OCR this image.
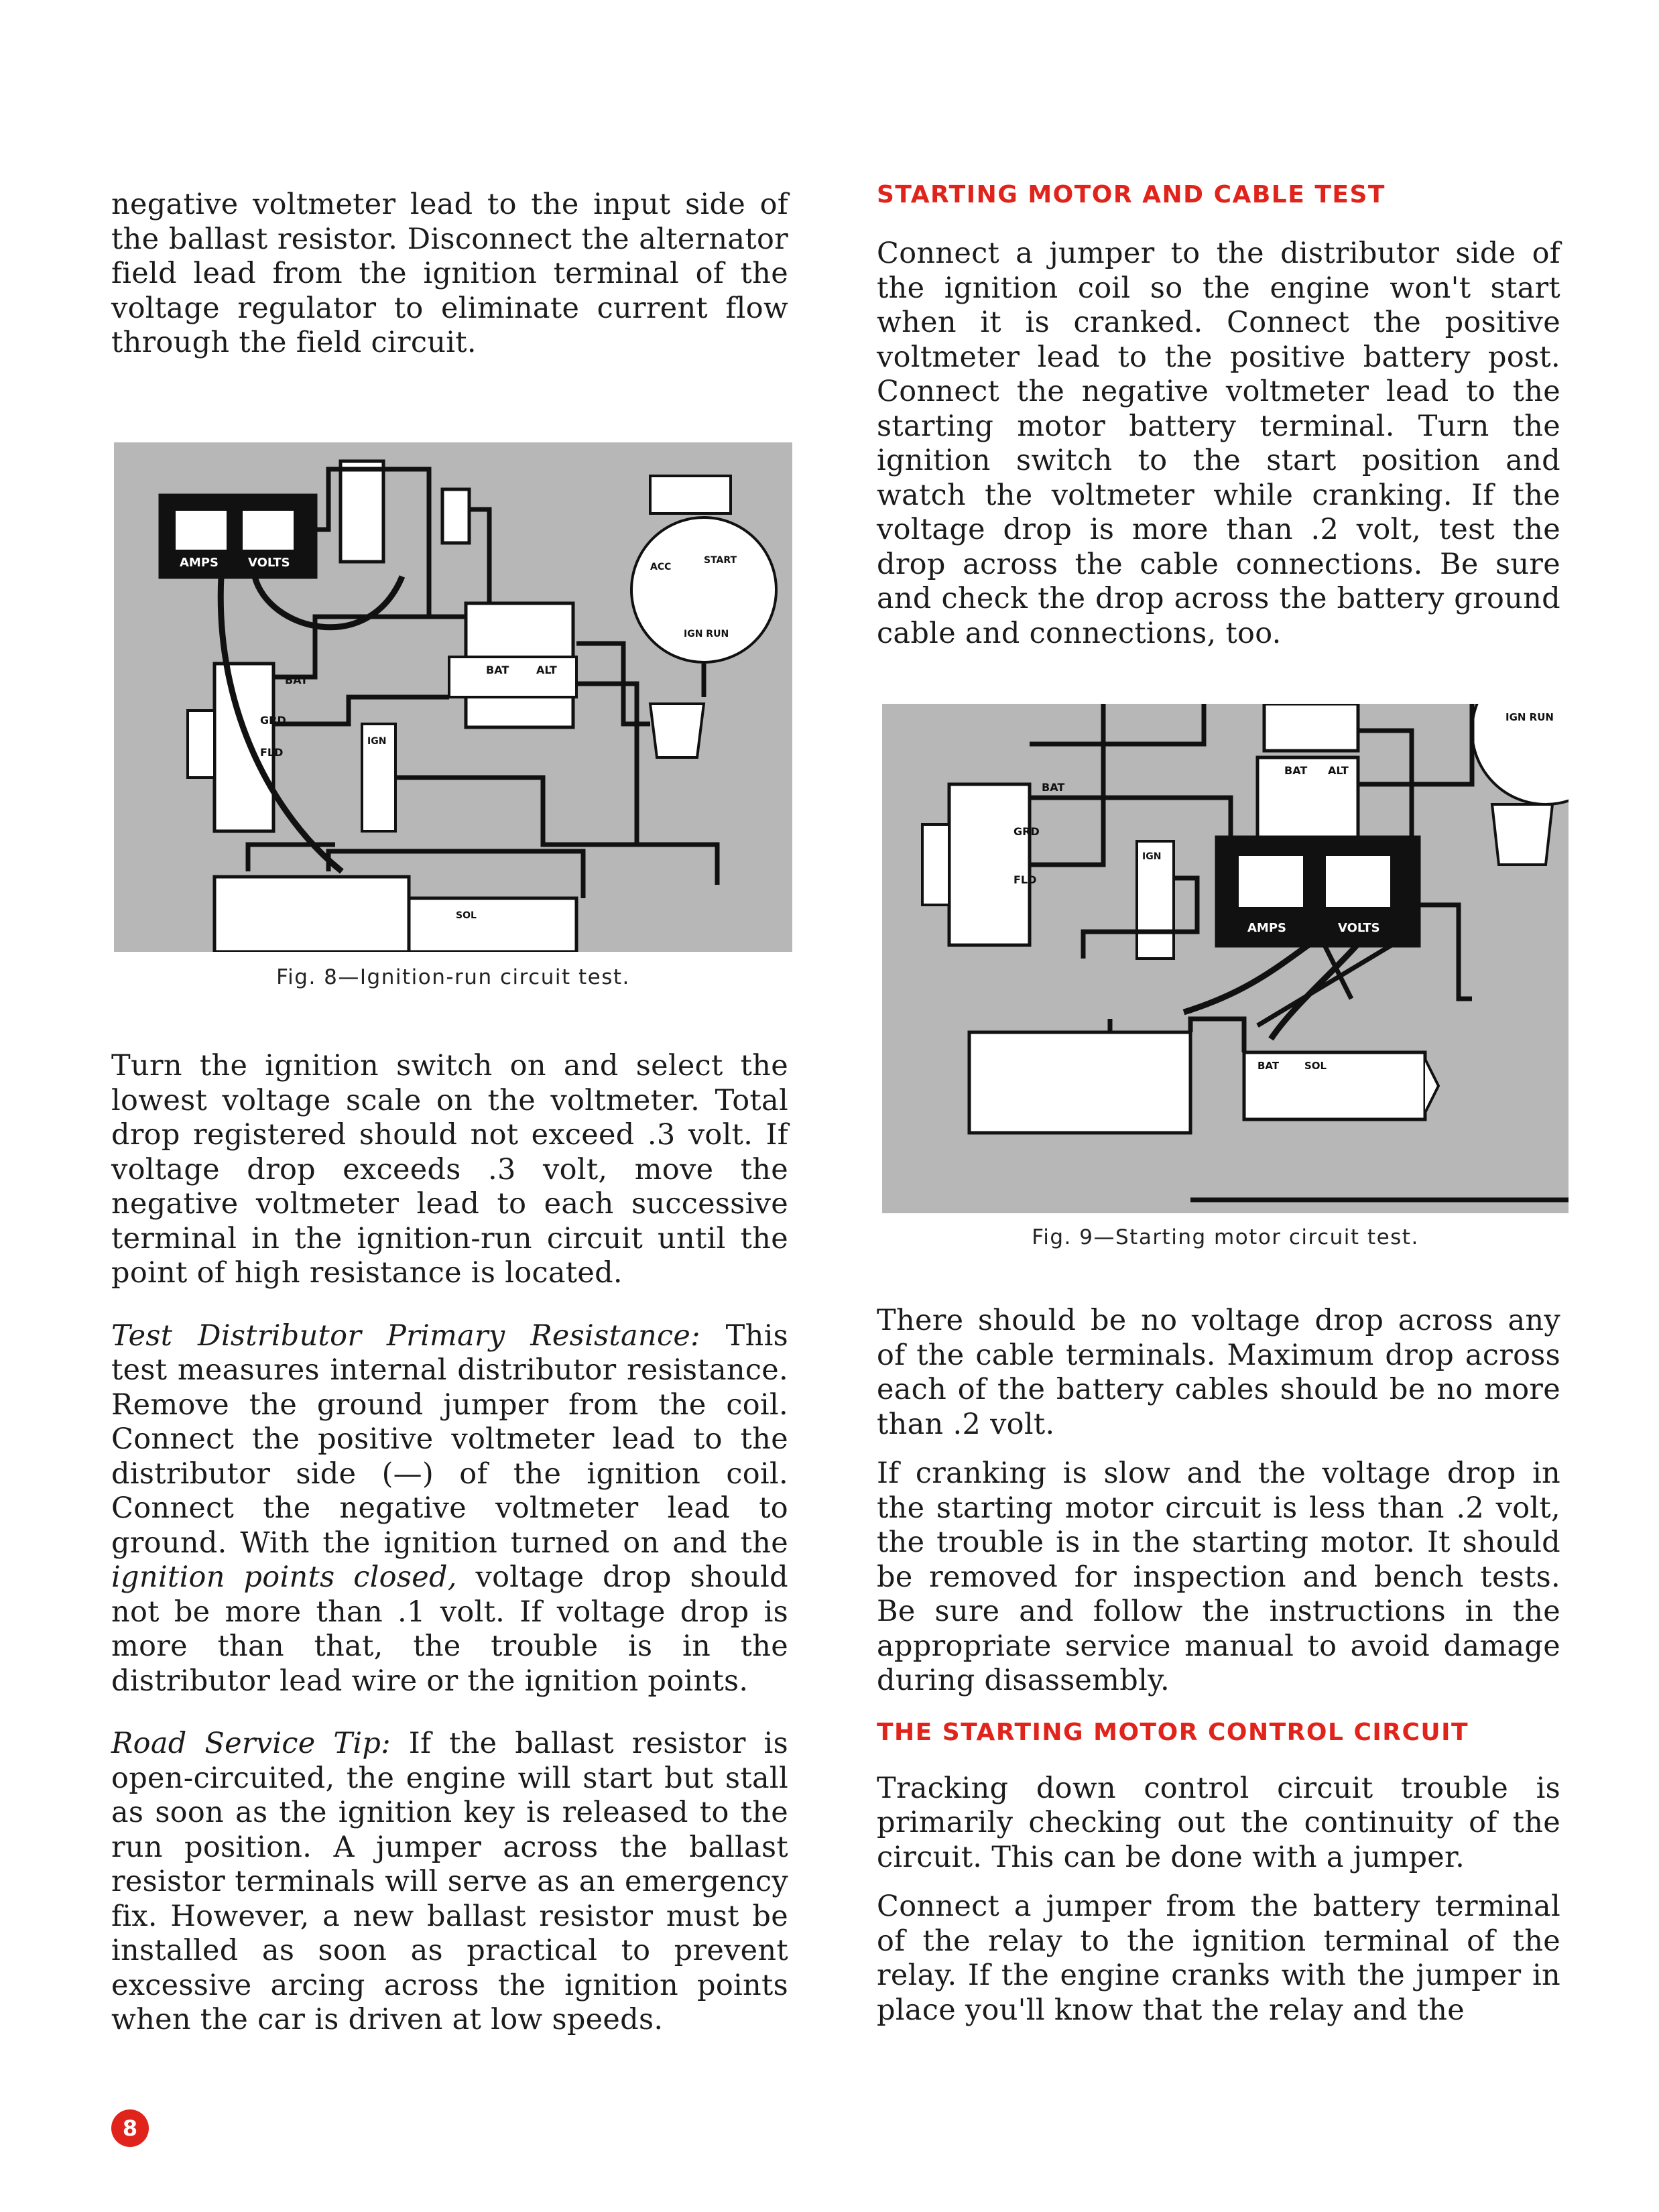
negative voltmeter lead to the input side of the ballast resistor. Disconnect the alternator field lead from the ignition terminal of the voltage regulator to eliminate current flow through the field circuit.

AMPS VOLTS
BAT
GRD
FLD
IGN
BAT	ALT
ACC
START
IGN RUN
SOL
Fig. 8—Ignition-run circuit test.

Turn the ignition switch on and select the lowest voltage scale on the voltmeter. Total drop registered should not exceed .3 volt. If voltage drop exceeds .3 volt, move the negative voltmeter lead to each successive terminal in the ignition-run circuit until the point of high resistance is located.

Test Distributor Primary Resistance: This test measures internal distributor resistance. Remove the ground jumper from the coil. Connect the positive voltmeter lead to the distributor side (—) of the ignition coil. Connect the negative voltmeter lead to ground. With the ignition turned on and the ignition points closed, voltage drop should not be more than .1 volt. If voltage drop is more than that, the trouble is in the distributor lead wire or the ignition points.

Road Service Tip: If the ballast resistor is open-circuited, the engine will start but stall as soon as the ignition key is released to the run position. A jumper across the ballast resistor terminals will serve as an emergency fix. However, a new ballast resistor must be installed as soon as practical to prevent excessive arcing across the ignition points when the car is driven at low speeds.

STARTING MOTOR AND CABLE TEST

Connect a jumper to the distributor side of the ignition coil so the engine won't start when it is cranked. Connect the positive voltmeter lead to the positive battery post. Connect the negative voltmeter lead to the starting motor battery terminal. Turn the ignition switch to the start position and watch the voltmeter while cranking. If the voltage drop is more than .2 volt, test the drop across the cable connections. Be sure and check the drop across the battery ground cable and connections, too.

BAT
GRD
FLD
IGN
BAT ALT
IGN RUN
AMPS	VOLTS
BAT	SOL
Fig. 9—Starting motor circuit test.

There should be no voltage drop across any of the cable terminals. Maximum drop across each of the battery cables should be no more than .2 volt.

If cranking is slow and the voltage drop in the starting motor circuit is less than .2 volt, the trouble is in the starting motor. It should be removed for inspection and bench tests. Be sure and follow the instructions in the appropriate service manual to avoid damage during disassembly.

THE STARTING MOTOR CONTROL CIRCUIT

Tracking down control circuit trouble is primarily checking out the continuity of the circuit. This can be done with a jumper.

Connect a jumper from the battery terminal of the relay to the ignition terminal of the relay. If the engine cranks with the jumper in place you'll know that the relay and the

8
